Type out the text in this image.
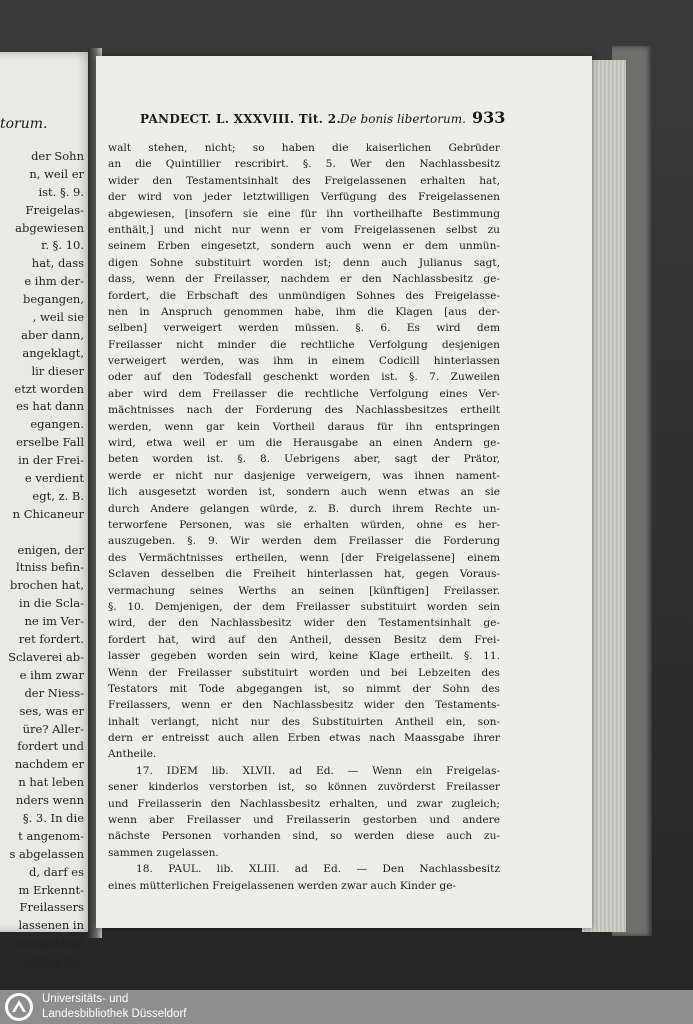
torum.
der Sohn
n, weil er
ist. §. 9.
Freigelas-
abgewiesen
r. §. 10.
hat, dass
e ihm der-
begangen,
, weil sie
aber dann,
angeklagt,
lir dieser
etzt worden
es hat dann
egangen.
erselbe Fall
in der Frei-
e verdient
egt, z. B.
n Chicaneur
enigen, der
ltniss befin-
brochen hat,
in die Scla-
ne im Ver-
ret fordert.
Sclaverei ab-
e ihm zwar
der Niess-
ses, was er
üre? Aller-
fordert und
nachdem er
n hat leben
nders wenn
§. 3. In die
t angenom-
s abgelassen
d, darf es
m Erkennt-
Freilassers
lassenen in
s angeklagt
seiner Ge-
PANDECT. L. XXXVIII. Tit. 2. De bonis libertorum. 933
walt stehen, nicht; so haben die kaiserlichen Gebrüder
an die Quintillier rescribirt. §. 5. Wer den Nachlassbesitz
wider den Testamentsinhalt des Freigelassenen erhalten hat,
der wird von jeder letztwilligen Verfügung des Freigelassenen
abgewiesen, [insofern sie eine für ihn vortheilhafte Bestimmung
enthält,] und nicht nur wenn er vom Freigelassenen selbst zu
seinem Erben eingesetzt, sondern auch wenn er dem unmün-
digen Sohne substituirt worden ist; denn auch Julianus sagt,
dass, wenn der Freilasser, nachdem er den Nachlassbesitz ge-
fordert, die Erbschaft des unmündigen Sohnes des Freigelasse-
nen in Anspruch genommen habe, ihm die Klagen [aus der-
selben] verweigert werden müssen. §. 6. Es wird dem
Freilasser nicht minder die rechtliche Verfolgung desjenigen
verweigert werden, was ihm in einem Codicill hinterlassen
oder auf den Todesfall geschenkt worden ist. §. 7. Zuweilen
aber wird dem Freilasser die rechtliche Verfolgung eines Ver-
mächtnisses nach der Forderung des Nachlassbesitzes ertheilt
werden, wenn gar kein Vortheil daraus für ihn entspringen
wird, etwa weil er um die Herausgabe an einen Andern ge-
beten worden ist. §. 8. Uebrigens aber, sagt der Prätor,
werde er nicht nur dasjenige verweigern, was ihnen nament-
lich ausgesetzt worden ist, sondern auch wenn etwas an sie
durch Andere gelangen würde, z. B. durch ihrem Rechte un-
terworfene Personen, was sie erhalten würden, ohne es her-
auszugeben. §. 9. Wir werden dem Freilasser die Forderung
des Vermächtnisses ertheilen, wenn [der Freigelassene] einem
Sclaven desselben die Freiheit hinterlassen hat, gegen Voraus-
vermachung seines Werths an seinen [künftigen] Freilasser.
§. 10. Demjenigen, der dem Freilasser substituirt worden sein
wird, der den Nachlassbesitz wider den Testamentsinhalt ge-
fordert hat, wird auf den Antheil, dessen Besitz dem Frei-
lasser gegeben worden sein wird, keine Klage ertheilt. §. 11.
Wenn der Freilasser substituirt worden und bei Lebzeiten des
Testators mit Tode abgegangen ist, so nimmt der Sohn des
Freilassers, wenn er den Nachlassbesitz wider den Testaments-
inhalt verlangt, nicht nur des Substituirten Antheil ein, son-
dern er entreisst auch allen Erben etwas nach Maassgabe ihrer
Antheile.
17. IDEM lib. XLVII. ad Ed. — Wenn ein Freigelas-
sener kinderlos verstorben ist, so können zuvörderst Freilasser
und Freilasserin den Nachlassbesitz erhalten, und zwar zugleich;
wenn aber Freilasser und Freilasserin gestorben und andere
nächste Personen vorhanden sind, so werden diese auch zu-
sammen zugelassen.
18. PAUL. lib. XLIII. ad Ed. — Den Nachlassbesitz
eines mütterlichen Freigelassenen werden zwar auch Kinder ge-
Universitäts- und
Landesbibliothek Düsseldorf
